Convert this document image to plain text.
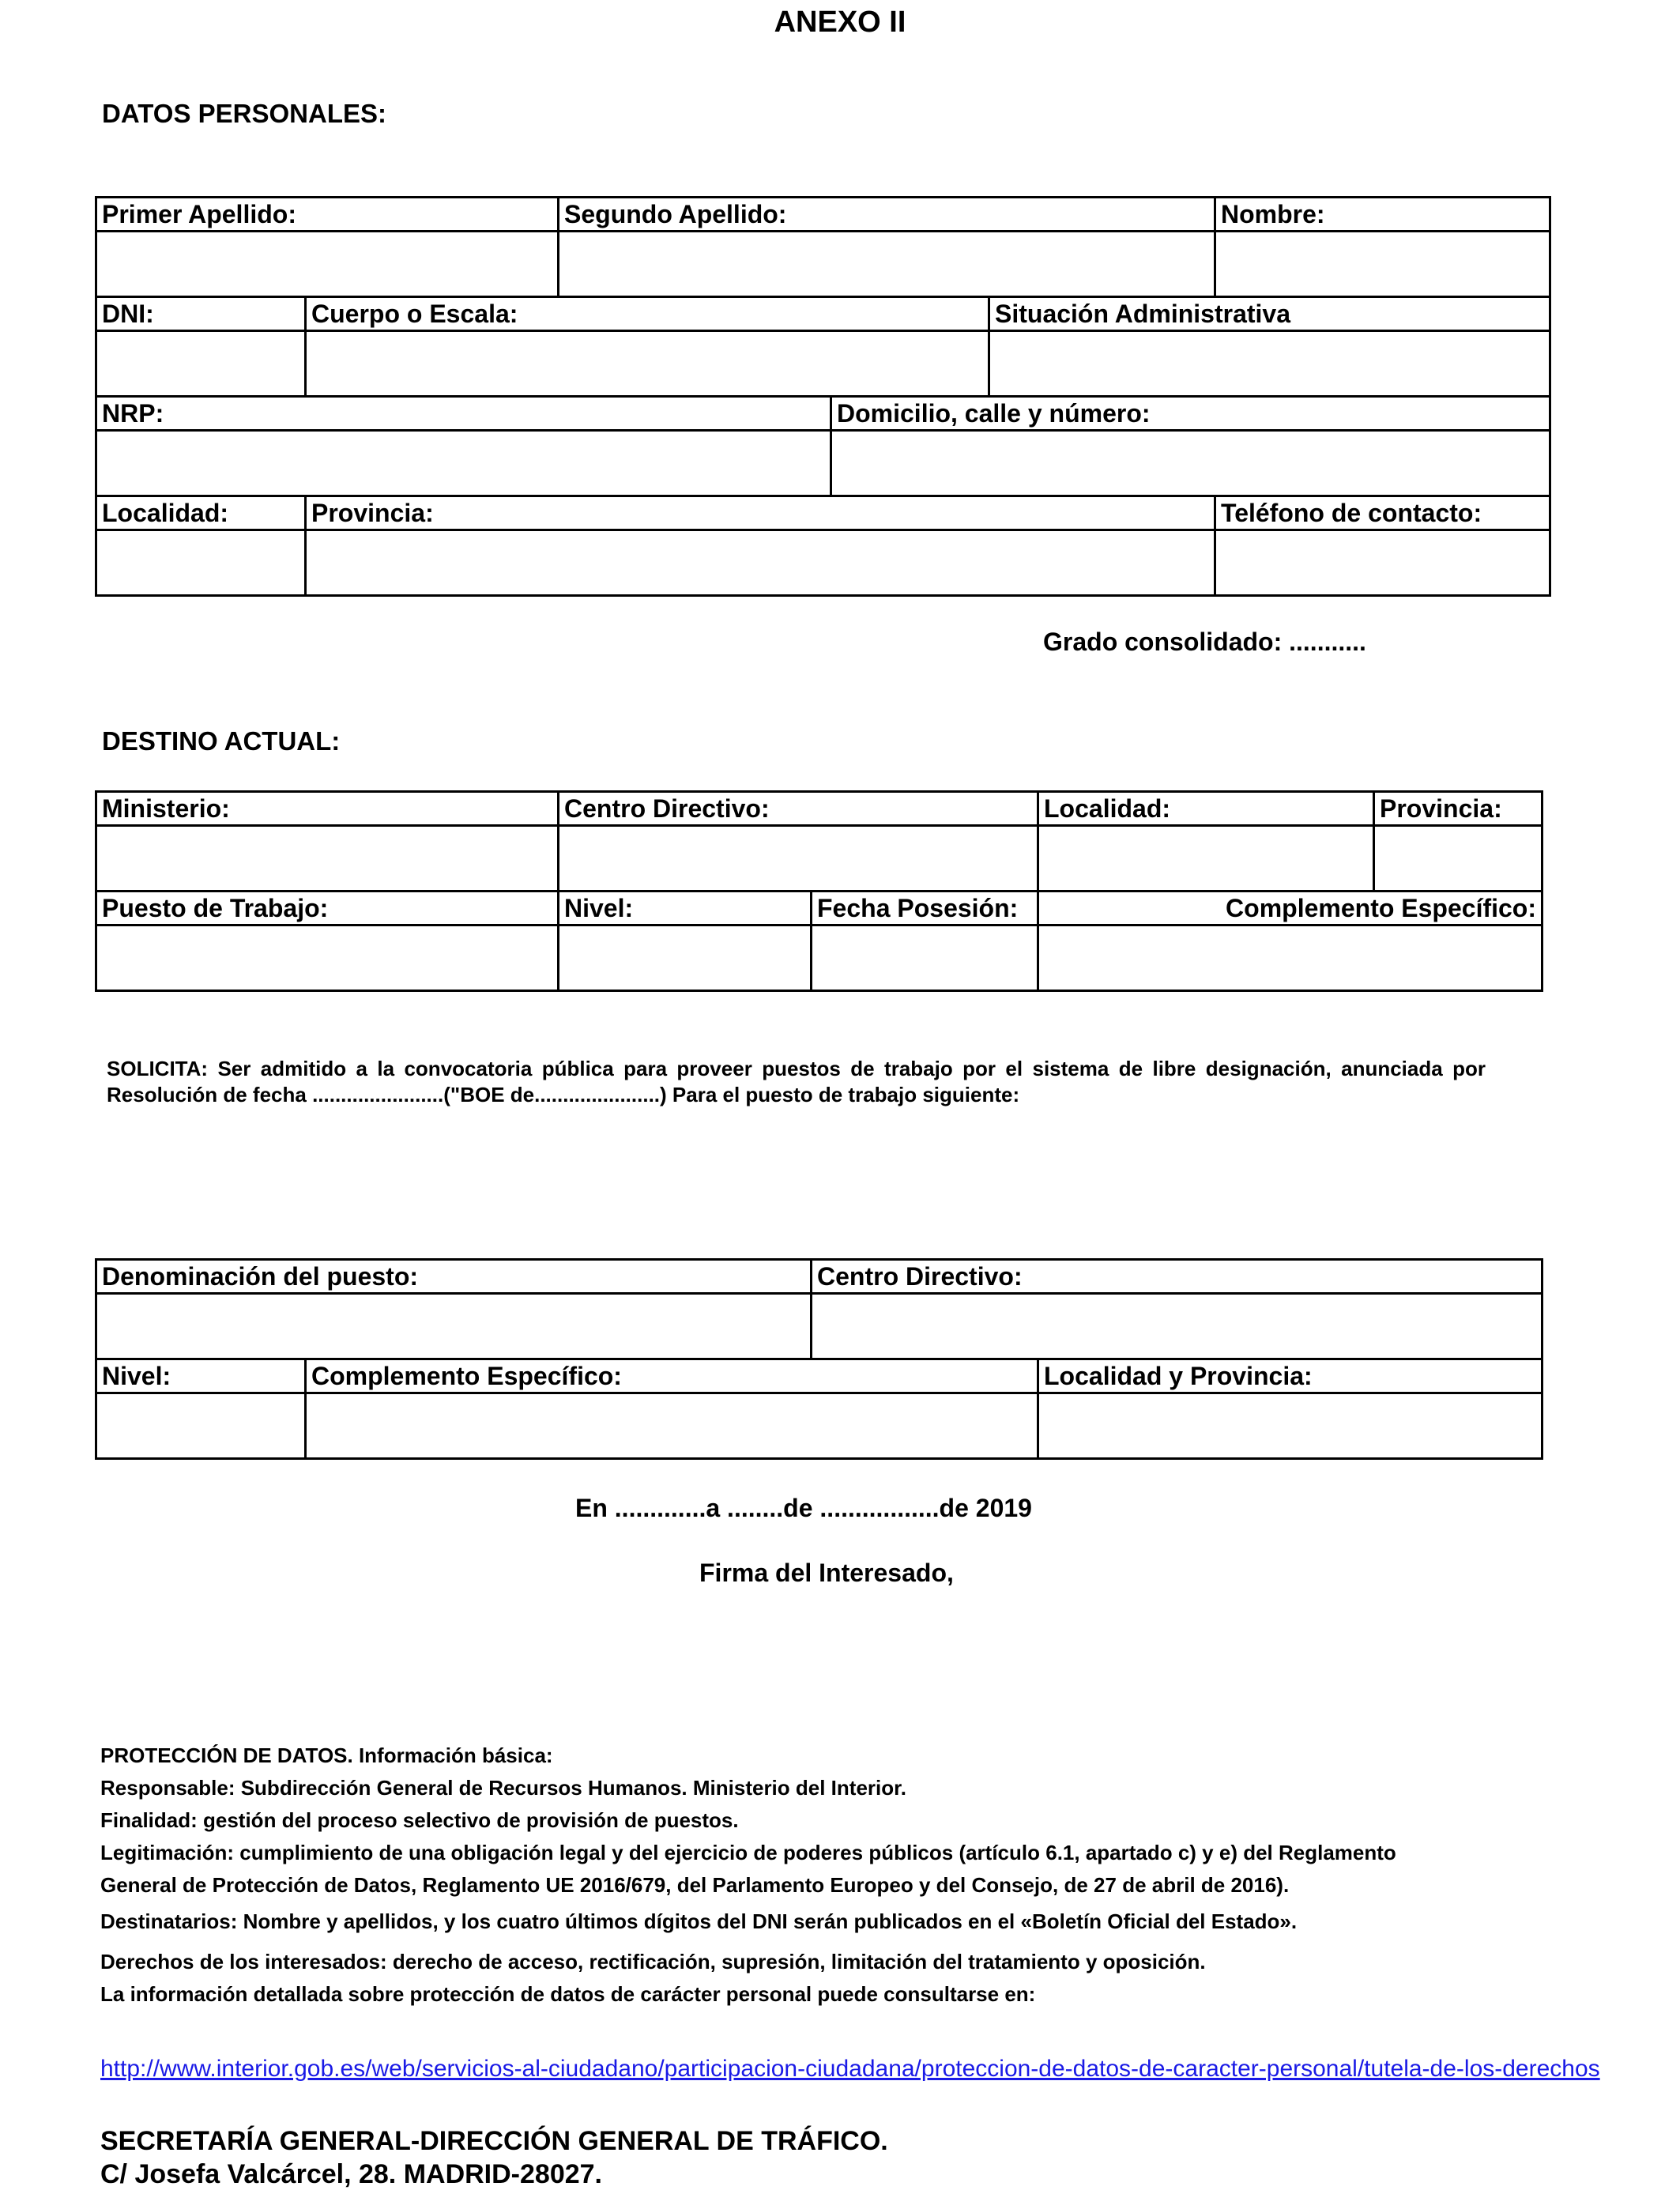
ANEXO II
DATOS PERSONALES:
Primer Apellido:		Segundo Apellido:			Nombre:

DNI:	Cuerpo o Escala:			Situación Administrativa	

NRP:			Domicilio, calle y número:		

Localidad:	Provincia:				Teléfono de contacto:

Grado consolidado: ...........
DESTINO ACTUAL:
Ministerio:	Centro Directivo:		Localidad:	Provincia:

Puesto de Trabajo:	Nivel:	Fecha Posesión:	Complemento Específico:	

SOLICITA: Ser admitido a la convocatoria pública para proveer puestos de trabajo por el sistema de libre designación, anunciada por Resolución de fecha .......................("BOE de......................) Para el puesto de trabajo siguiente:
Denominación del puesto:		Centro Directivo:	

Nivel:	Complemento Específico:		Localidad y Provincia:

En .............a ........de .................de 2019
Firma del Interesado,
PROTECCIÓN DE DATOS. Información básica:
Responsable: Subdirección General de Recursos Humanos. Ministerio del Interior.
Finalidad: gestión del proceso selectivo de provisión de puestos.
Legitimación: cumplimiento de una obligación legal y del ejercicio de poderes públicos (artículo 6.1, apartado c) y e) del Reglamento
General de Protección de Datos, Reglamento UE 2016/679, del Parlamento Europeo y del Consejo, de 27 de abril de 2016).
Destinatarios: Nombre y apellidos, y los cuatro últimos dígitos del DNI serán publicados en el «Boletín Oficial del Estado».
Derechos de los interesados: derecho de acceso, rectificación, supresión, limitación del tratamiento y oposición.
La información detallada sobre protección de datos de carácter personal puede consultarse en:
http://www.interior.gob.es/web/servicios-al-ciudadano/participacion-ciudadana/proteccion-de-datos-de-caracter-personal/tutela-de-los-derechos
SECRETARÍA GENERAL-DIRECCIÓN GENERAL DE TRÁFICO.
C/ Josefa Valcárcel, 28. MADRID-28027.
